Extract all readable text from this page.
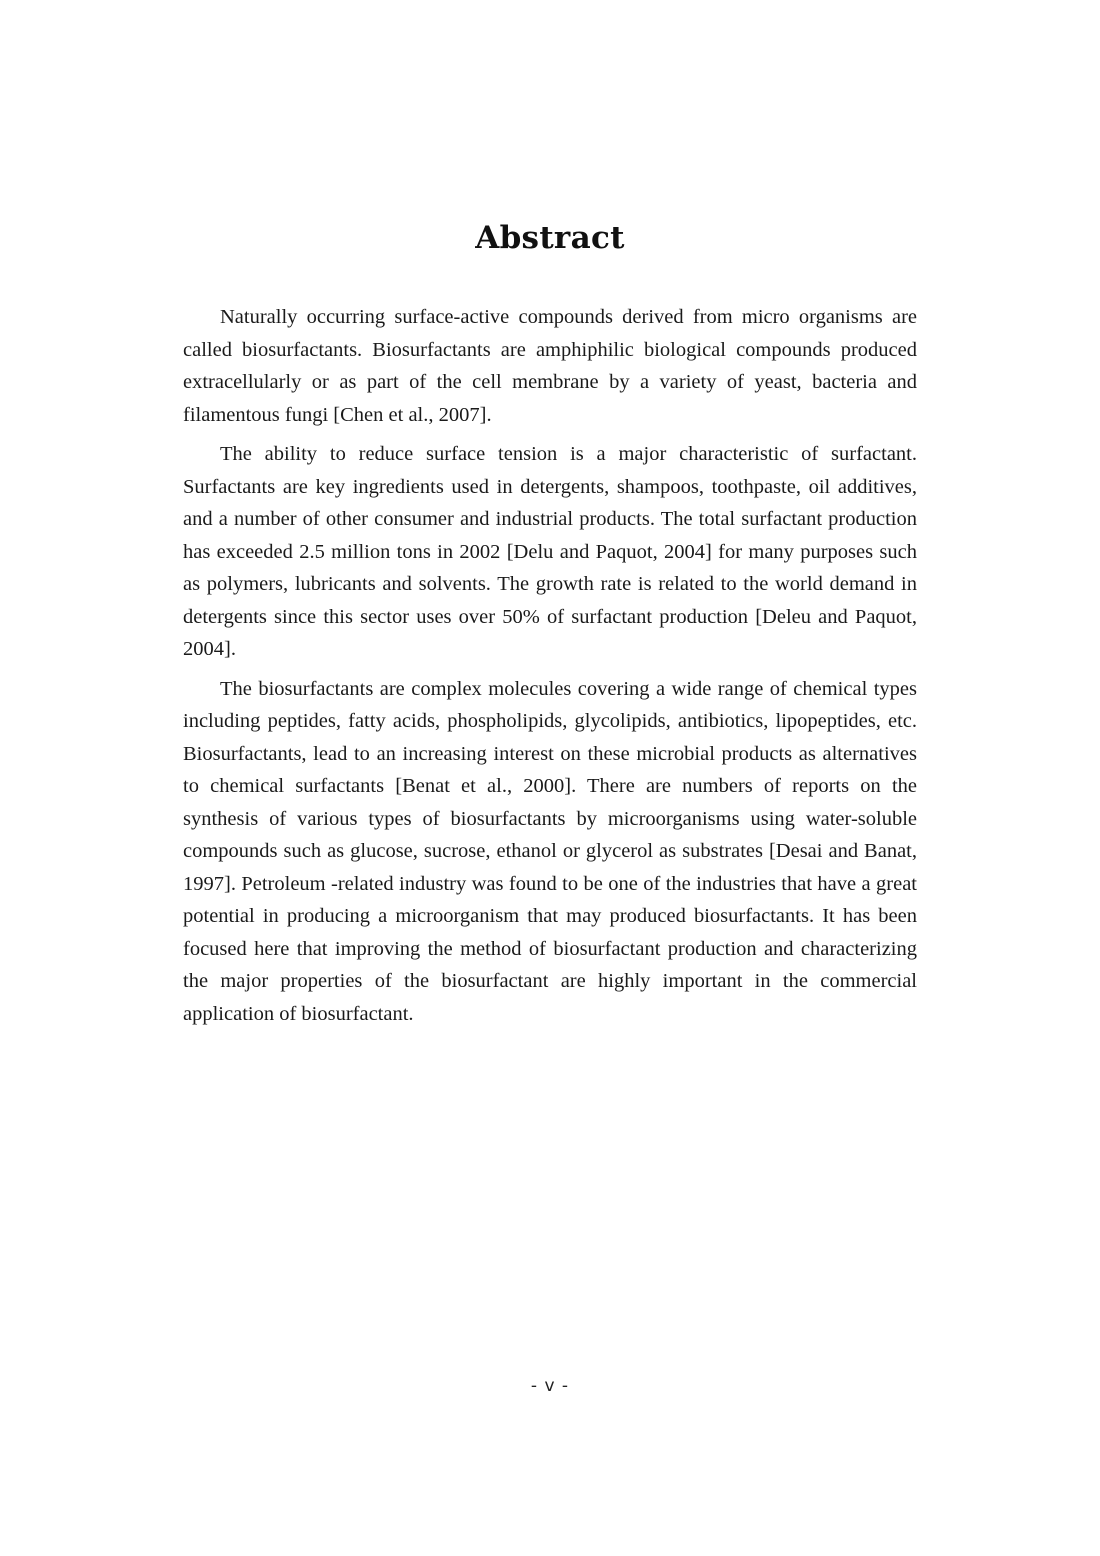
Abstract

Naturally occurring surface-active compounds derived from micro organisms are called biosurfactants. Biosurfactants are amphiphilic biological compounds produced extracellularly or as part of the cell membrane by a variety of yeast, bacteria and filamentous fungi [Chen et al., 2007].

The ability to reduce surface tension is a major characteristic of surfactant. Surfactants are key ingredients used in detergents, shampoos, toothpaste, oil additives, and a number of other consumer and industrial products. The total surfactant production has exceeded 2.5 million tons in 2002 [Delu and Paquot, 2004] for many purposes such as polymers, lubricants and solvents. The growth rate is related to the world demand in detergents since this sector uses over 50% of surfactant production [Deleu and Paquot, 2004].

The biosurfactants are complex molecules covering a wide range of chemical types including peptides, fatty acids, phospholipids, glycolipids, antibiotics, lipopeptides, etc. Biosurfactants, lead to an increasing interest on these microbial products as alternatives to chemical surfactants [Benat et al., 2000]. There are numbers of reports on the synthesis of various types of biosurfactants by microorganisms using water-soluble compounds such as glucose, sucrose, ethanol or glycerol as substrates [Desai and Banat, 1997]. Petroleum -related industry was found to be one of the industries that have a great potential in producing a microorganism that may produced biosurfactants. It has been focused here that improving the method of biosurfactant production and characterizing the major properties of the biosurfactant are highly important in the commercial application of biosurfactant.

- v -
